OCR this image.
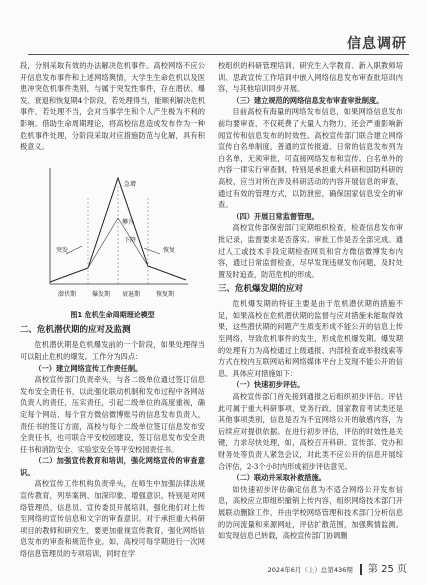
信息调研

段，分别采取有效的办法解决危机事件。高校网络不应公开信息发布事件和上述网络舆情，大学生生命危机以及医患冲突危机事件类别，与属于突发性事件，存在潜伏、爆发、衰退和恢复期4个阶段，若处理得当，能顺利解决危机事件，若处理不当，会对当事学生和个人产生极为不利的影响。借助生命周期理论，将高校信息造成发布作为一种危机事件处理，分阶段采取对应措施防范与化解，具有积极意义。

急增
攀升
下降
恢复
突发
潜伏期	爆发期 衰退期	恢复期
图1 危机生命周期理论模型
二、危机潜伏期的应对及监测

危机潜伏期是危机爆发前的一个阶段，如果处理得当可以阻止危机的爆发。工作分为四点：

（一）建立网络宣传工作责任制。

高校宣传部门负责牵头，与各二级单位通过签订信息发布安全责任书，以此强化联动机制和发布过程中各网站负责人的责任，压实责任，引起二级单位的高度重视，确定每个网站、每个官方微信微博账号的信息发布负责人，责任书的签订方面，高校与每个二级单位签订信息发布安全责任书，也可联合平安校园建设，签订信息发布安全责任书和消防安全、实验室安全等平安校园责任书。

（二）加强宣传教育和培训，强化网络宣传的审查意识。

高校宣传工作机构负责牵头，在师生中加强法律法规宣传教育，列举案例、加深印象、增强意识。特别是对网络管理员、信息员、宣传委员开展培训，强化他们对上传至网络的宣传信息和文字的审查意识。对于承担重大科研项目的教师和研究生，要更加重视宣传教育，强化网络信息发布的审查和规范作业。如，高校可每学期进行一次网络信息管理员的专项培训，同时在学

校组织的科研管理培训、研究生入学教育、新入职教师培训、思政宣传工作培训中嵌入网络信息发布审查批培训内容，与其他培训同步开展。

（三）建立规范的网络信息发布审查审批制度。

目前高校有海量的网络发布信息，如果网络信息发布前均要审查，不仅耗费了大量人力物力，还会严重影响新闻宣传和信息发布的时效性。高校宣传部门联合建立网络宣传白名单制度，普通的宣传报道、日常的信息发布列为白名单，无须审批，可直接网络发布和宣传。白名单外的内容一律实行审查制，特别是承担重大科研和国防科研的高校，应当对所在涉及科研活动的内容开展信息的审查，通过有效的管理方式，以防泄密，确保国家信息安全的审查。

（四）开展日常监督管理。

高校宣传部保密部门定期组织检查，检查信息发布审批记录，监督要求是否落实、审批工作是否全部完成。通过人工或技术手段定期检查网页和官方微信微博发布内容，通过日常监督检查，尽早发现违规发布问题，及时处置及时追查，防范危机的形成。

三、危机爆发期的应对

危机爆发期的特征主要是由于危机潜伏期的措施不足，如果高校在危机潜伏期的监督与应对措施未能取得效果，这些潜伏期的问题产生质变形成不能公开的信息上传至网络，导致危机事件的发生，形成危机爆发期。爆发期的处理有力为高校通过上级通报、内部检查或举报线索等方式在校内互联网站和网络媒体平台上发现不能公开的信息。具体应对措施如下：

（一）快速初步评估。

高校宣传部门首先接到通报之后组织初步评估。评估此可属于重大科研事项、党务行政、国家教育考试类还是其他事项类别，信息是否为不宜网络公开的敏感内容，为后续应对提供依据。在进行初步评估，评估的时效性是关键，力求尽快处理，如，高校召开科研、宣传部、党办和财务处等负责人紧急会议，对此类不应公开的信息开展综合评估，2-3个小时内形成初步评估意见。

（二）联动并采取补救措施。

如快速初步评估确定信息为不适合网络公开发布信息，高校应立即组织撤销上传内容，组织网络技术部门开展联动删除工作，并由学校网络管理和技术部门分析信息的访问流量和来源网址，评估扩散范围，加强舆情监测。如发现信息已转载，高校宣传部门协调删

2024年6月（上）总第436期 第 25 页
